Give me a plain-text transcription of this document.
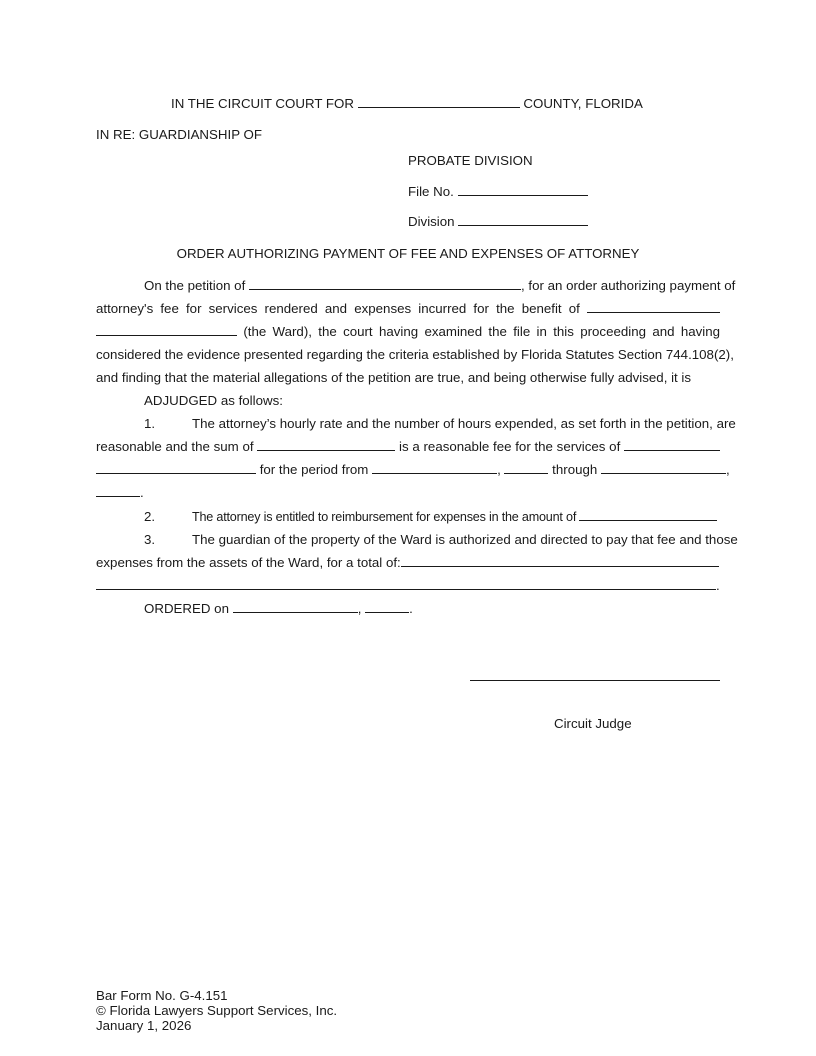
IN THE CIRCUIT COURT FOR	COUNTY, FLORIDA
IN RE: GUARDIANSHIP OF
PROBATE DIVISION
File No.
Division
ORDER AUTHORIZING PAYMENT OF FEE AND EXPENSES OF ATTORNEY
On the petition of	, for an order authorizing payment of
attorney's fee for services rendered and expenses incurred for the benefit of
(the Ward), the court having examined the file in this proceeding and having
considered the evidence presented regarding the criteria established by Florida Statutes Section 744.108(2),
and finding that the material allegations of the petition are true, and being otherwise fully advised, it is
ADJUDGED as follows:
1.	The attorney’s hourly rate and the number of hours expended, as set forth in the petition, are
reasonable and the sum of	is a reasonable fee for the services of
for the period from	,	through	,
.
2.	The attorney is entitled to reimbursement for expenses in the amount of
3.	The guardian of the property of the Ward is authorized and directed to pay that fee and those
expenses from the assets of the Ward, for a total of:
.
ORDERED on	,	.
Circuit Judge
Bar Form No. G-4.151
© Florida Lawyers Support Services, Inc.
January 1, 2026
